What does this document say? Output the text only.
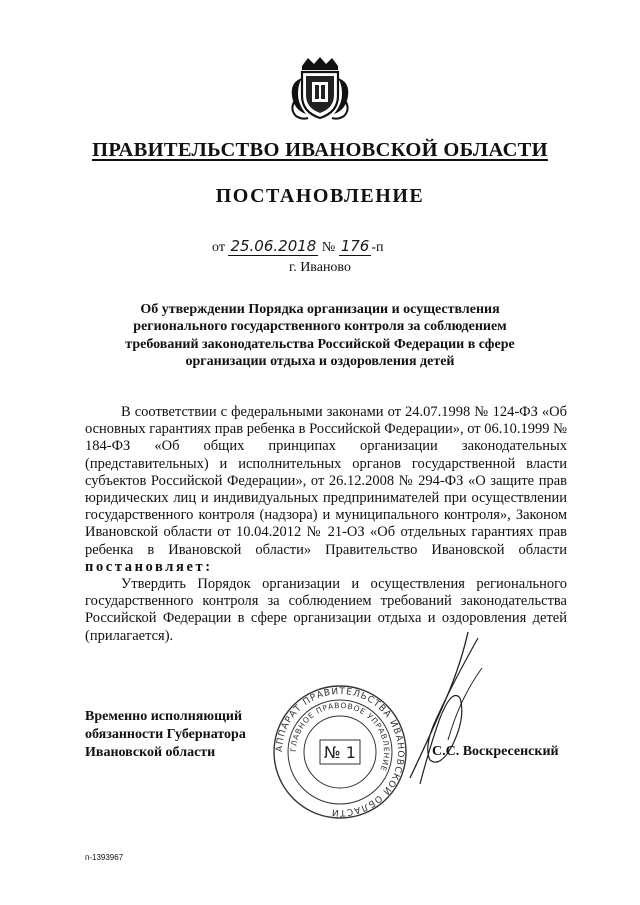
ПРАВИТЕЛЬСТВО ИВАНОВСКОЙ ОБЛАСТИ
ПОСТАНОВЛЕНИЕ
от 25.06.2018 № 176 -п
г. Иваново
Об утверждении Порядка организации и осуществления регионального государственного контроля за соблюдением требований законодательства Российской Федерации в сфере организации отдыха и оздоровления детей

В соответствии с федеральными законами от 24.07.1998 № 124-ФЗ «Об основных гарантиях прав ребенка в Российской Федерации», от 06.10.1999 № 184-ФЗ «Об общих принципах организации законодательных (представительных) и исполнительных органов государственной власти субъектов Российской Федерации», от 26.12.2008 № 294-ФЗ «О защите прав юридических лиц и индивидуальных предпринимателей при осуществлении государственного контроля (надзора) и муниципального контроля», Законом Ивановской области от 10.04.2012 № 21-ОЗ «Об отдельных гарантиях прав ребенка в Ивановской области» Правительство Ивановской области постановляет:

Утвердить Порядок организации и осуществления регионального государственного контроля за соблюдением требований законодательства Российской Федерации в сфере организации отдыха и оздоровления детей (прилагается).

Временно исполняющий
обязанности Губернатора
Ивановской области	АППАРАТ ПРАВИТЕЛЬСТВА ИВАНОВСКОЙ ОБЛАСТИ
ГЛАВНОЕ ПРАВОВОЕ УПРАВЛЕНИЕ
№ 1	С.С. Воскресенский
п-1393967
